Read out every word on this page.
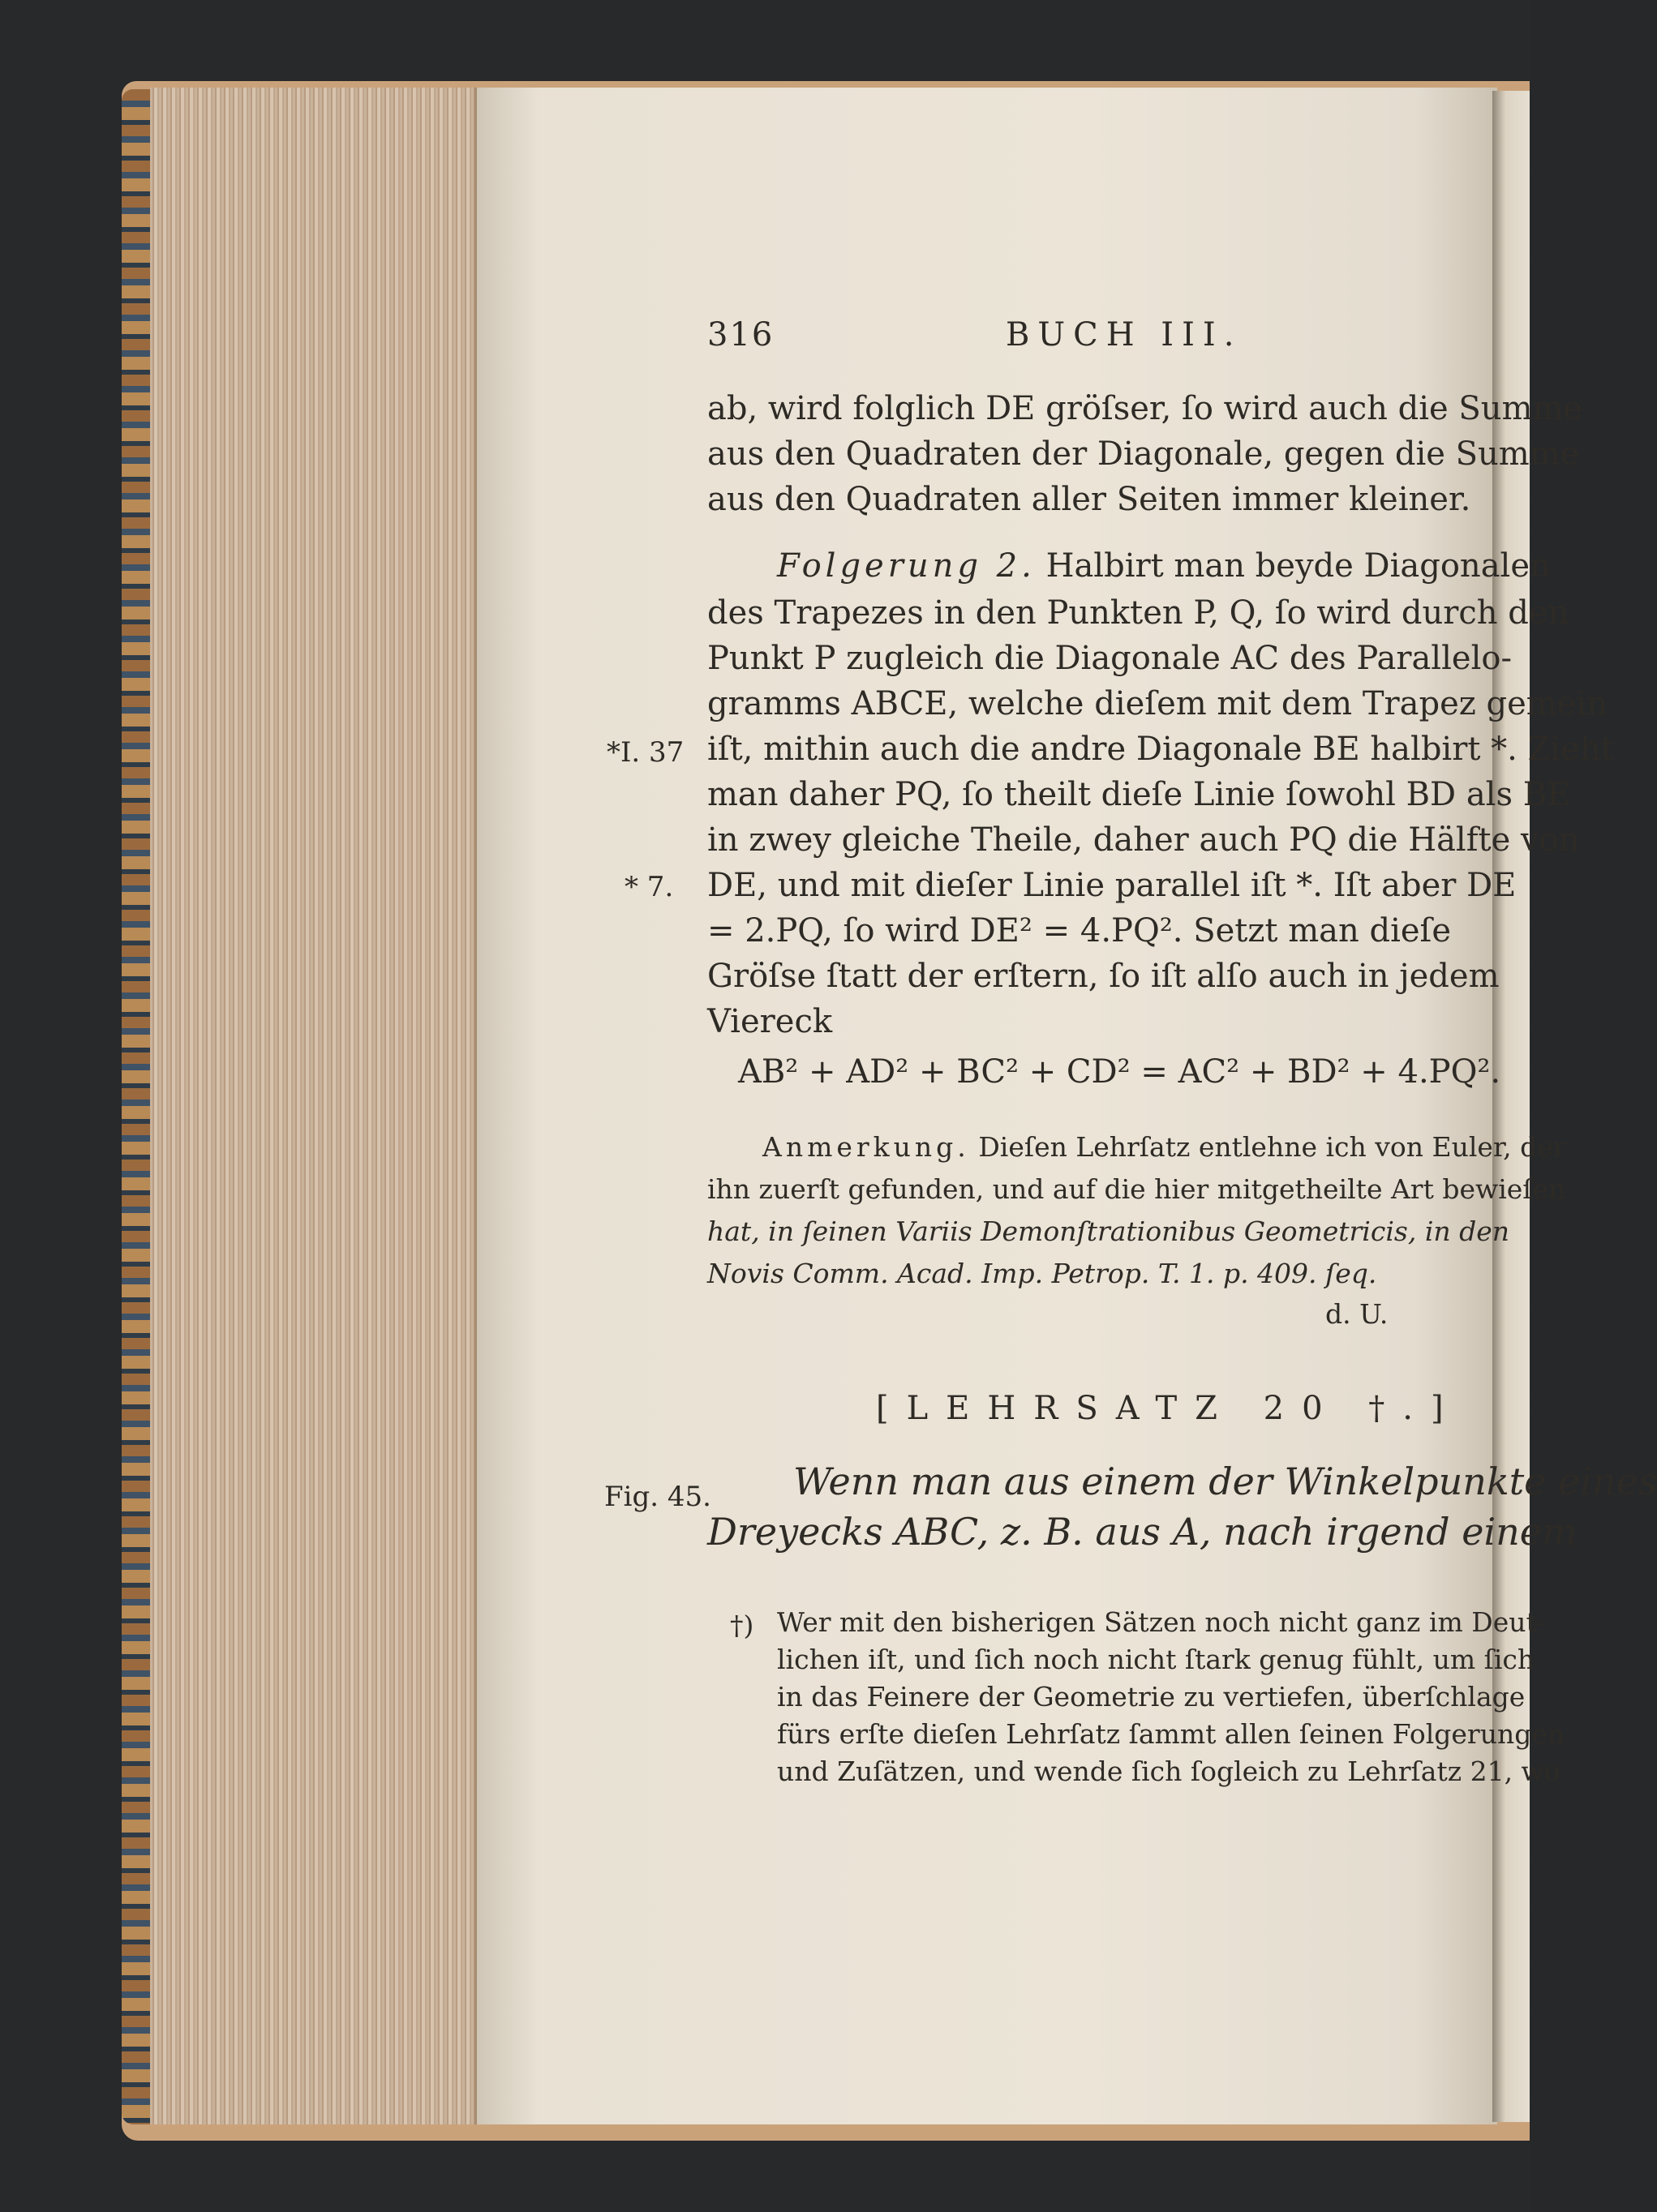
316	BUCH III.
ab, wird folglich DE gröſser, ſo wird auch die Summe
aus den Quadraten der Diagonale, gegen die Summe
aus den Quadraten aller Seiten immer kleiner.
Folgerung 2. Halbirt man beyde Diagonalen
des Trapezes in den Punkten P, Q, ſo wird durch den
Punkt P zugleich die Diagonale AC des Parallelo-
gramms ABCE, welche dieſem mit dem Trapez gemein
iſt, mithin auch die andre Diagonale BE halbirt *. Zieht
man daher PQ, ſo theilt dieſe Linie ſowohl BD als BE
in zwey gleiche Theile, daher auch PQ die Hälfte von
DE, und mit dieſer Linie parallel iſt *. Iſt aber DE
= 2.PQ, ſo wird DE² = 4.PQ². Setzt man dieſe
Gröſse ſtatt der erſtern, ſo iſt alſo auch in jedem
Viereck
AB² + AD² + BC² + CD² = AC² + BD² + 4.PQ².
*I. 37
* 7.
Fig. 45.
Anmerkung. Dieſen Lehrſatz entlehne ich von Euler, der
ihn zuerſt gefunden, und auf die hier mitgetheilte Art bewieſen
hat, in ſeinen Variis Demonſtrationibus Geometricis, in den
Novis Comm. Acad. Imp. Petrop. T. 1. p. 409. ſeq.
d. U.
[LEHRSATZ 20 †.]
Wenn man aus einem der Winkelpunkte eines
Dreyecks ABC, z. B. aus A, nach irgend einem
†) Wer mit den bisherigen Sätzen noch nicht ganz im Deut-
lichen iſt, und ſich noch nicht ſtark genug fühlt, um ſich
in das Feinere der Geometrie zu vertiefen, überſchlage
fürs erſte dieſen Lehrſatz ſammt allen ſeinen Folgerungen
und Zuſätzen, und wende ſich ſogleich zu Lehrſatz 21, wo
